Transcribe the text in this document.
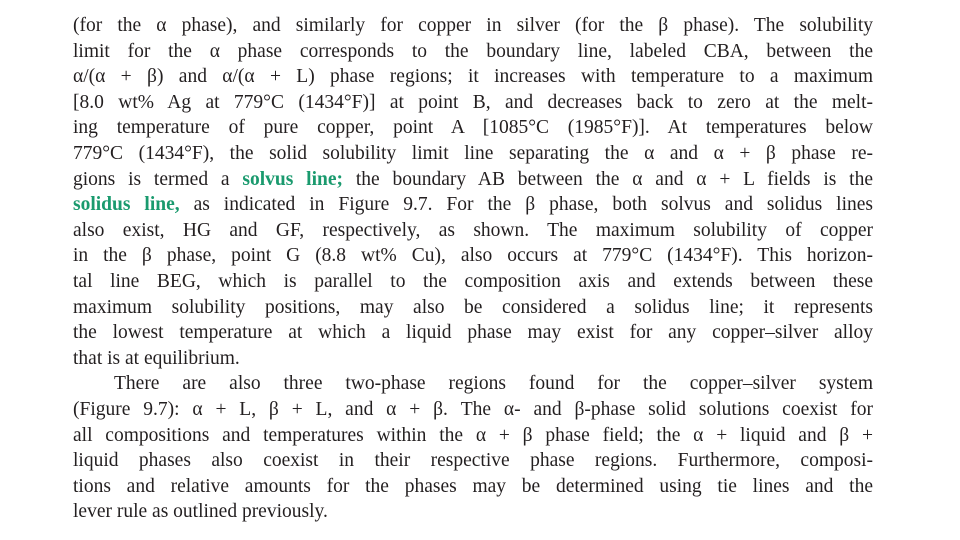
(for the α phase), and similarly for copper in silver (for the β phase). The solubility
limit for the α phase corresponds to the boundary line, labeled CBA, between the
α/(α + β) and α/(α + L) phase regions; it increases with temperature to a maximum
[8.0 wt% Ag at 779°C (1434°F)] at point B, and decreases back to zero at the melt-
ing temperature of pure copper, point A [1085°C (1985°F)]. At temperatures below
779°C (1434°F), the solid solubility limit line separating the α and α + β phase re-
gions is termed a solvus line; the boundary AB between the α and α + L fields is the
solidus line, as indicated in Figure 9.7. For the β phase, both solvus and solidus lines
also exist, HG and GF, respectively, as shown. The maximum solubility of copper
in the β phase, point G (8.8 wt% Cu), also occurs at 779°C (1434°F). This horizon-
tal line BEG, which is parallel to the composition axis and extends between these
maximum solubility positions, may also be considered a solidus line; it represents
the lowest temperature at which a liquid phase may exist for any copper–silver alloy
that is at equilibrium.
There are also three two-phase regions found for the copper–silver system
(Figure 9.7): α + L, β + L, and α + β. The α- and β-phase solid solutions coexist for
all compositions and temperatures within the α + β phase field; the α + liquid and β +
liquid phases also coexist in their respective phase regions. Furthermore, composi-
tions and relative amounts for the phases may be determined using tie lines and the
lever rule as outlined previously.
